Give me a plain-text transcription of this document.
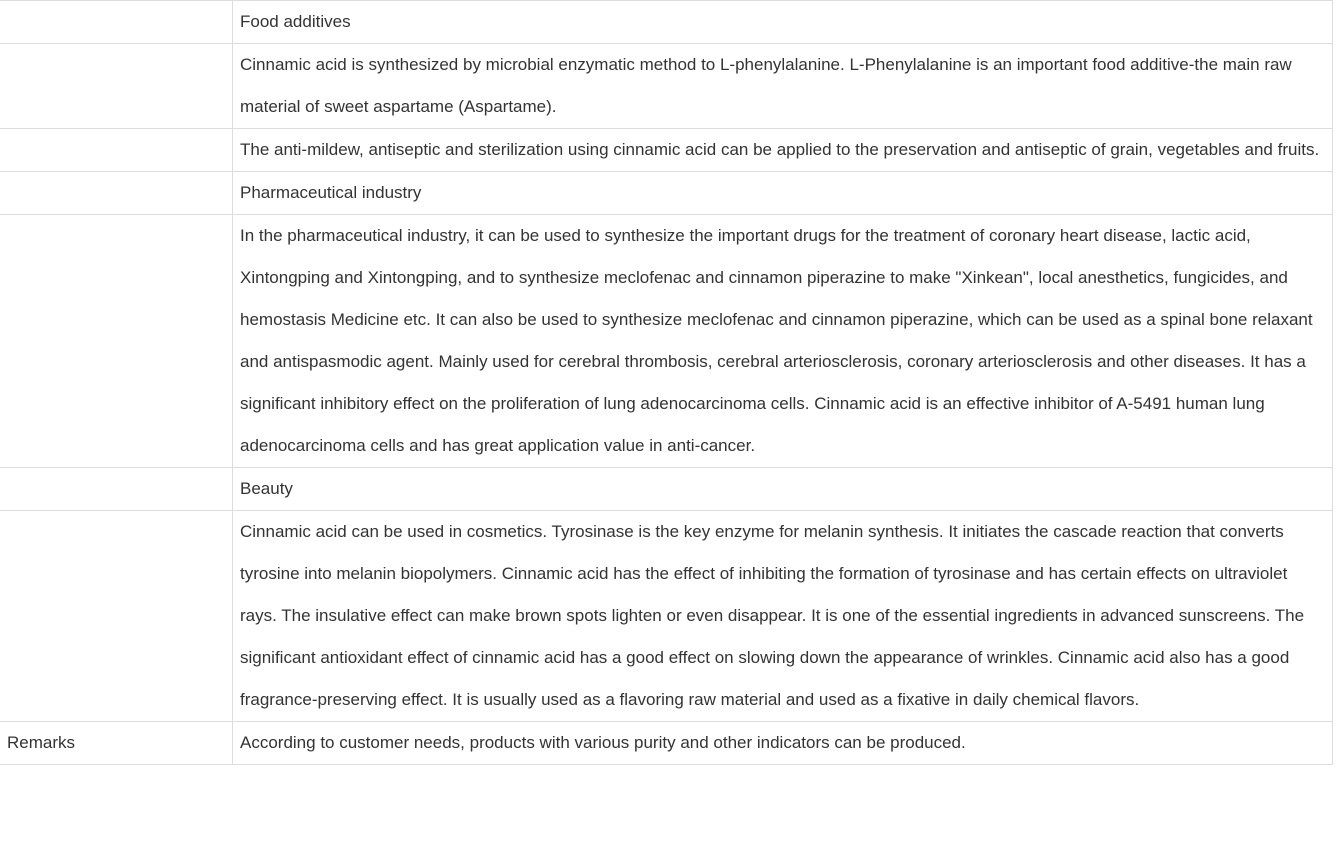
	Food additives
	Cinnamic acid is synthesized by microbial enzymatic method to L-phenylalanine. L-Phenylalanine is an important food additive-the main raw material of sweet aspartame (Aspartame).
	The anti-mildew, antiseptic and sterilization using cinnamic acid can be applied to the preservation and antiseptic of grain, vegetables and fruits.
	Pharmaceutical industry
	In the pharmaceutical industry, it can be used to synthesize the important drugs for the treatment of coronary heart disease, lactic acid, Xintongping and Xintongping, and to synthesize meclofenac and cinnamon piperazine to make "Xinkean", local anesthetics, fungicides, and hemostasis Medicine etc. It can also be used to synthesize meclofenac and cinnamon piperazine, which can be used as a spinal bone relaxant and antispasmodic agent. Mainly used for cerebral thrombosis, cerebral arteriosclerosis, coronary arteriosclerosis and other diseases. It has a significant inhibitory effect on the proliferation of lung adenocarcinoma cells. Cinnamic acid is an effective inhibitor of A-5491 human lung adenocarcinoma cells and has great application value in anti-cancer.
	Beauty
	Cinnamic acid can be used in cosmetics. Tyrosinase is the key enzyme for melanin synthesis. It initiates the cascade reaction that converts tyrosine into melanin biopolymers. Cinnamic acid has the effect of inhibiting the formation of tyrosinase and has certain effects on ultraviolet rays. The insulative effect can make brown spots lighten or even disappear. It is one of the essential ingredients in advanced sunscreens. The significant antioxidant effect of cinnamic acid has a good effect on slowing down the appearance of wrinkles. Cinnamic acid also has a good fragrance-preserving effect. It is usually used as a flavoring raw material and used as a fixative in daily chemical flavors.
Remarks	According to customer needs, products with various purity and other indicators can be produced.
